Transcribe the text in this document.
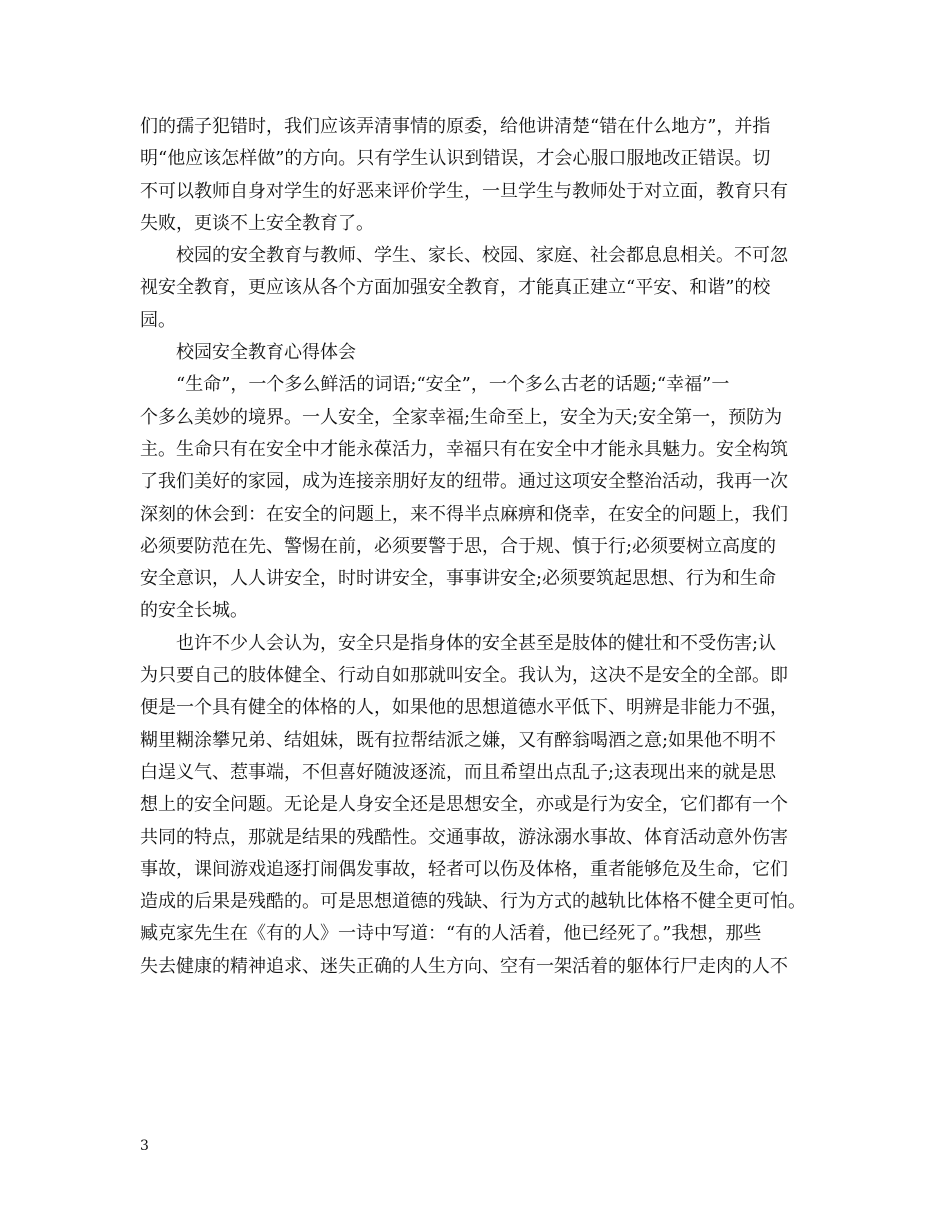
们的孺子犯错时，我们应该弄清事情的原委，给他讲清楚“错在什么地方”，并指
明“他应该怎样做”的方向。只有学生认识到错误，才会心服口服地改正错误。切
不可以教师自身对学生的好恶来评价学生，一旦学生与教师处于对立面，教育只有
失败，更谈不上安全教育了。
校园的安全教育与教师、学生、家长、校园、家庭、社会都息息相关。不可忽
视安全教育，更应该从各个方面加强安全教育，才能真正建立“平安、和谐”的校
园。
校园安全教育心得体会
“生命”，一个多么鲜活的词语;“安全”，一个多么古老的话题;“幸福”一
个多么美妙的境界。一人安全，全家幸福;生命至上，安全为天;安全第一，预防为
主。生命只有在安全中才能永葆活力，幸福只有在安全中才能永具魅力。安全构筑
了我们美好的家园，成为连接亲朋好友的纽带。通过这项安全整治活动，我再一次
深刻的休会到：在安全的问题上，来不得半点麻痹和侥幸，在安全的问题上，我们
必须要防范在先、警惕在前，必须要警于思，合于规、慎于行;必须要树立高度的
安全意识，人人讲安全，时时讲安全，事事讲安全;必须要筑起思想、行为和生命
的安全长城。
也许不少人会认为，安全只是指身体的安全甚至是肢体的健壮和不受伤害;认
为只要自己的肢体健全、行动自如那就叫安全。我认为，这决不是安全的全部。即
便是一个具有健全的体格的人，如果他的思想道德水平低下、明辨是非能力不强，
糊里糊涂攀兄弟、结姐妹，既有拉帮结派之嫌，又有醉翁喝酒之意;如果他不明不
白逞义气、惹事端，不但喜好随波逐流，而且希望出点乱子;这表现出来的就是思
想上的安全问题。无论是人身安全还是思想安全，亦或是行为安全，它们都有一个
共同的特点，那就是结果的残酷性。交通事故，游泳溺水事故、体育活动意外伤害
事故，课间游戏追逐打闹偶发事故，轻者可以伤及体格，重者能够危及生命，它们
造成的后果是残酷的。可是思想道德的残缺、行为方式的越轨比体格不健全更可怕。
臧克家先生在《有的人》一诗中写道：“有的人活着，他已经死了。”我想，那些
失去健康的精神追求、迷失正确的人生方向、空有一架活着的躯体行尸走肉的人不
3
